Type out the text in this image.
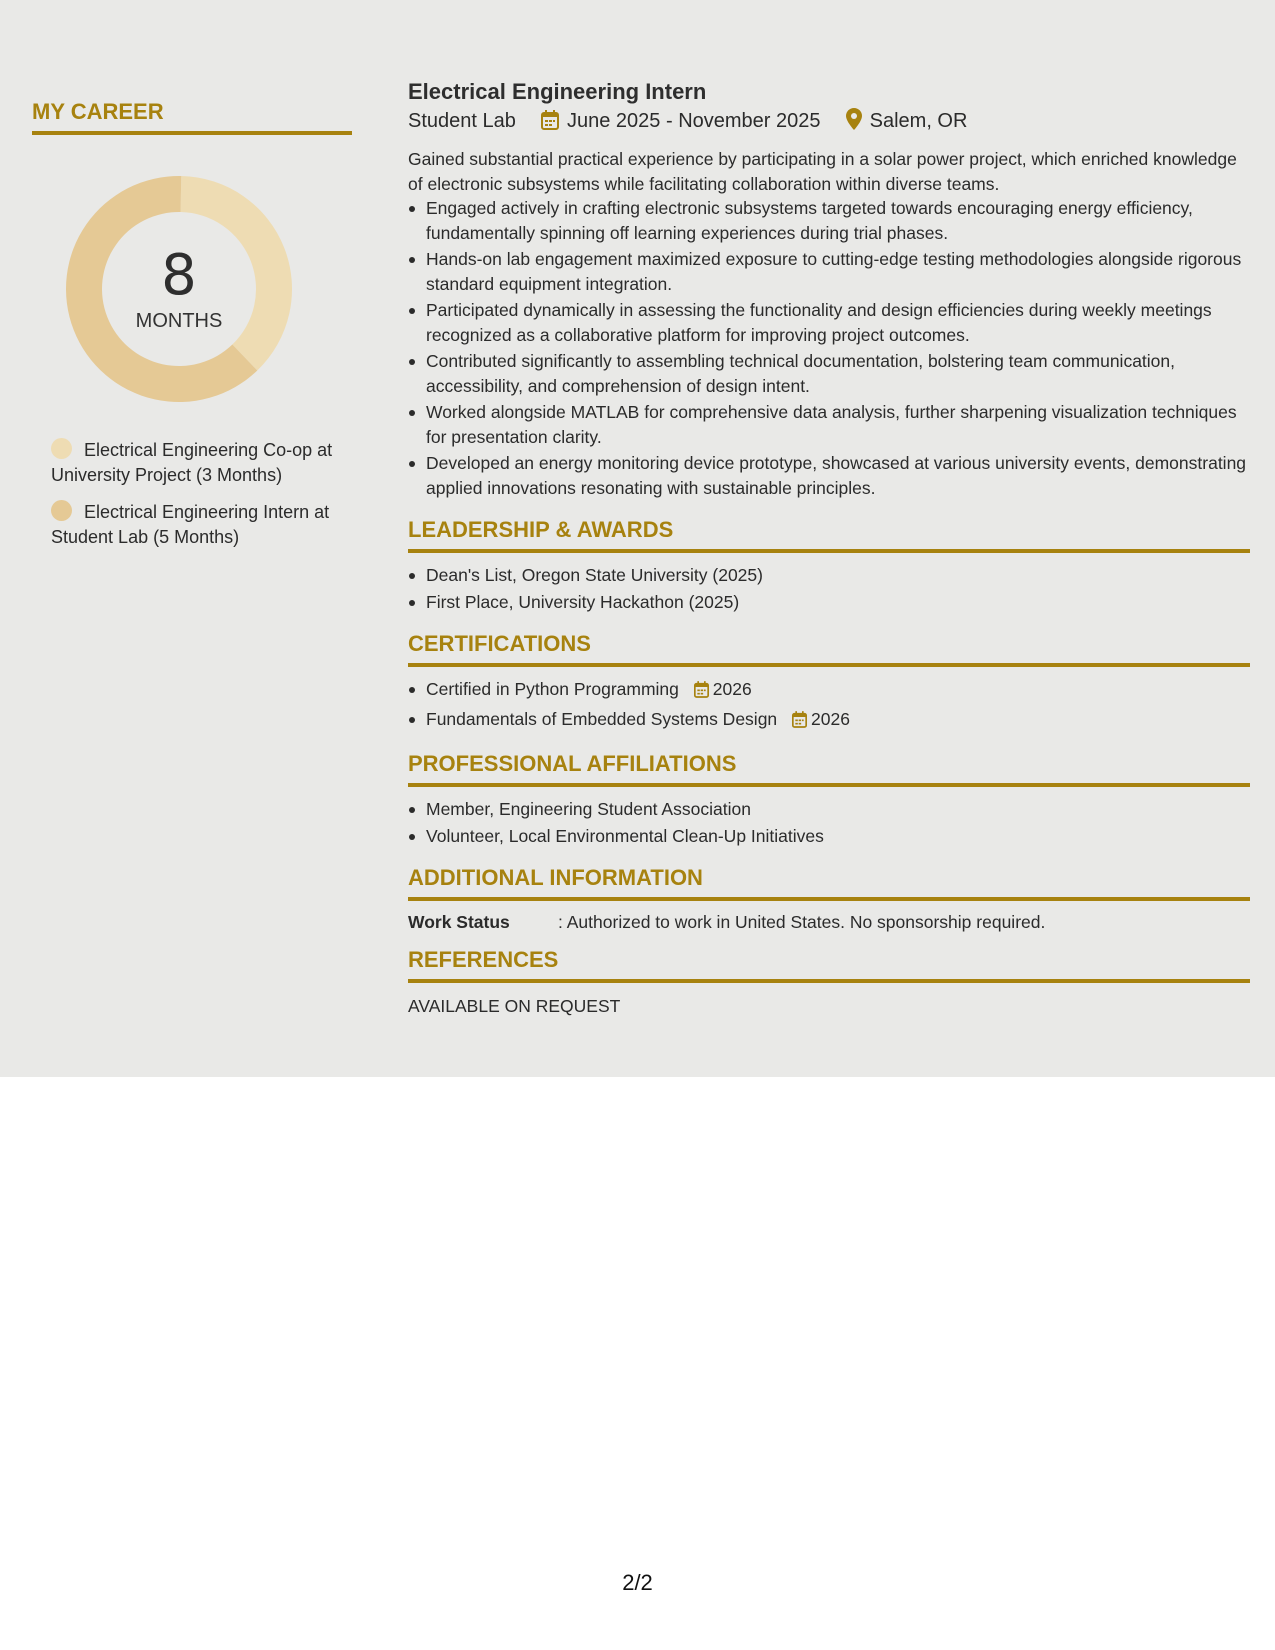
MY CAREER
8
MONTHS
Electrical Engineering Co-op at University Project (3 Months)
Electrical Engineering Intern at Student Lab (5 Months)
Electrical Engineering Intern
Student Lab	June 2025 - November 2025 Salem, OR
Gained substantial practical experience by participating in a solar power project, which enriched knowledge of electronic subsystems while facilitating collaboration within diverse teams.
Engaged actively in crafting electronic subsystems targeted towards encouraging energy efficiency, fundamentally spinning off learning experiences during trial phases.
Hands-on lab engagement maximized exposure to cutting-edge testing methodologies alongside rigorous standard equipment integration.
Participated dynamically in assessing the functionality and design efficiencies during weekly meetings recognized as a collaborative platform for improving project outcomes.
Contributed significantly to assembling technical documentation, bolstering team communication, accessibility, and comprehension of design intent.
Worked alongside MATLAB for comprehensive data analysis, further sharpening visualization techniques for presentation clarity.
Developed an energy monitoring device prototype, showcased at various university events, demonstrating applied innovations resonating with sustainable principles.
LEADERSHIP & AWARDS
Dean's List, Oregon State University (2025)
First Place, University Hackathon (2025)
CERTIFICATIONS
Certified in Python Programming 2026
Fundamentals of Embedded Systems Design 2026
PROFESSIONAL AFFILIATIONS
Member, Engineering Student Association
Volunteer, Local Environmental Clean-Up Initiatives
ADDITIONAL INFORMATION
Work Status	: Authorized to work in United States. No sponsorship required.
REFERENCES
AVAILABLE ON REQUEST
2/2
